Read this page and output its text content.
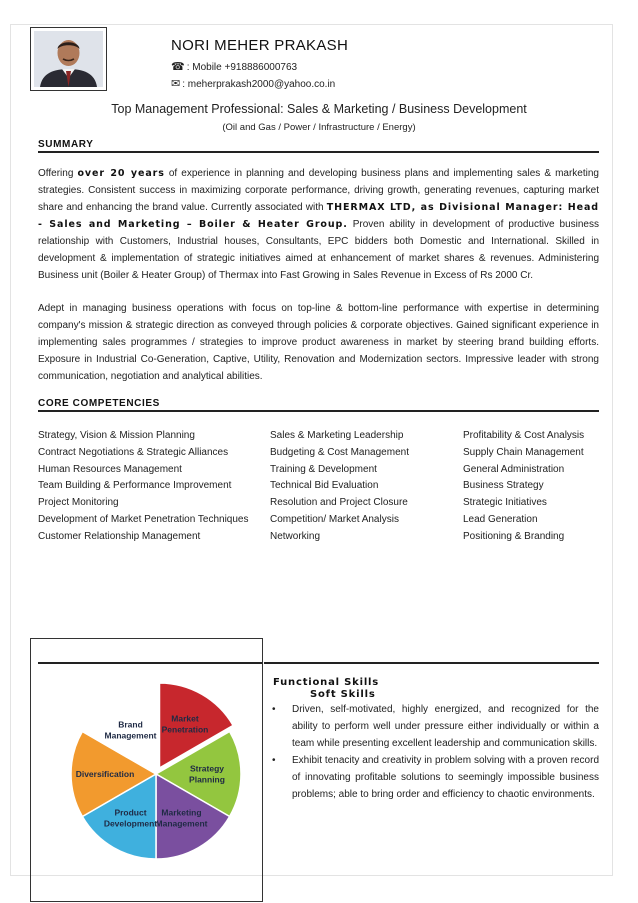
NORI MEHER PRAKASH
☎ : Mobile +918886000763
✉ : meherprakash2000@yahoo.co.in
Top Management Professional: Sales & Marketing / Business Development
(Oil and Gas / Power / Infrastructure / Energy)
SUMMARY

Offering over 20 years of experience in planning and developing business plans and implementing sales & marketing strategies. Consistent success in maximizing corporate performance, driving growth, generating revenues, capturing market share and enhancing the brand value. Currently associated with THERMAX LTD, as Divisional Manager: Head - Sales and Marketing – Boiler & Heater Group. Proven ability in development of productive business relationship with Customers, Industrial houses, Consultants, EPC bidders both Domestic and International. Skilled in development & implementation of strategic initiatives aimed at enhancement of market shares & revenues. Administering Business unit (Boiler & Heater Group) of Thermax into Fast Growing in Sales Revenue in Excess of Rs 2000 Cr.

Adept in managing business operations with focus on top-line & bottom-line performance with expertise in determining company's mission & strategic direction as conveyed through policies & corporate objectives. Gained significant experience in implementing sales programmes / strategies to improve product awareness in market by steering brand building efforts. Exposure in Industrial Co-Generation, Captive, Utility, Renovation and Modernization sectors. Impressive leader with strong communication, negotiation and analytical abilities.

CORE COMPETENCIES
Strategy, Vision & Mission Planning
Contract Negotiations & Strategic Alliances
Human Resources Management
Team Building & Performance Improvement
Project Monitoring
Development of Market Penetration Techniques
Customer Relationship Management
Sales & Marketing Leadership
Budgeting & Cost Management
Training & Development
Technical Bid Evaluation
Resolution and Project Closure
Competition/ Market Analysis
Networking
Profitability & Cost Analysis
Supply Chain Management
General Administration
Business Strategy
Strategic Initiatives
Lead Generation
Positioning & Branding
Market Penetration
Strategy Planning
Marketing Management
Product Development
Diversification
Brand Management
Functional Skills
Soft Skills
• Driven, self-motivated, highly energized, and recognized for the ability to perform well under pressure either individually or within a team while presenting excellent leadership and communication skills.
• Exhibit tenacity and creativity in problem solving with a proven record of innovating profitable solutions to seemingly impossible business problems; able to bring order and efficiency to chaotic environments.
